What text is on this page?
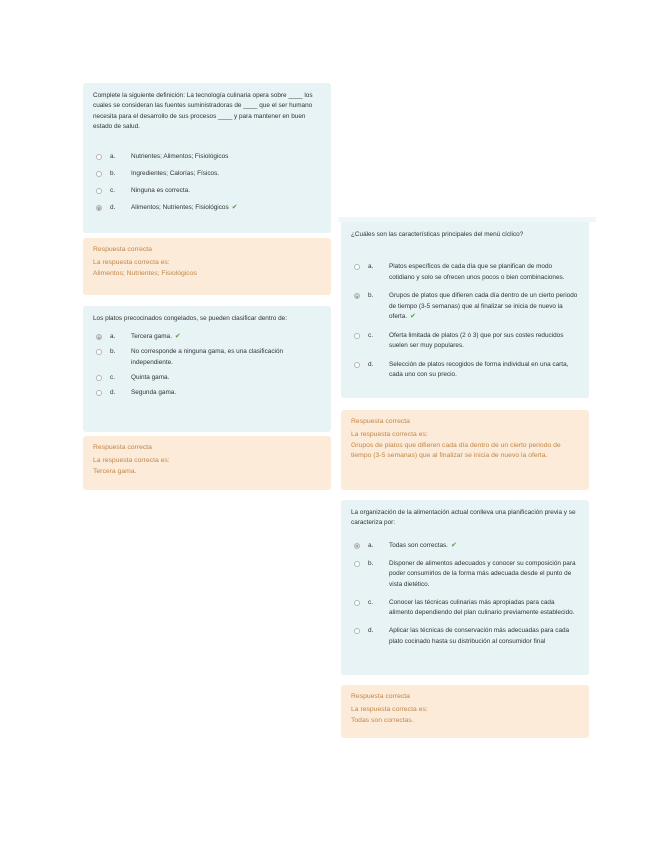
Complete la siguiente definición: La tecnología culinaria opera sobre ____ los cuales se consideran las fuentes suministradoras de ____ que el ser humano necesita para el desarrollo de sus procesos ____ y para mantener en buen estado de salud.

a. Nutrientes; Alimentos; Fisiológicos
b. Ingredientes; Calorías; Físicos.
c.	Ninguna es correcta.
d. Alimentos; Nutrientes; Fisiológicos ✔

Respuesta correcta

La respuesta correcta es:

Alimentos; Nutrientes; Fisiológicos

Los platos precocinados congelados, se pueden clasificar dentro de:

a. Tercera gama. ✔
b. No corresponde a ninguna gama, es una clasificación independiente.
c.	Quinta gama.
d. Segunda gama.

Respuesta correcta

La respuesta correcta es:

Tercera gama.

¿Cuáles son las características principales del menú cíclico?

a. Platos específicos de cada día que se planifican de modo cotidiano y solo se ofrecen unos pocos o bien combinaciones.
b. Grupos de platos que difieren cada día dentro de un cierto periodo de tiempo (3-5 semanas) que al finalizar se inicia de nuevo la oferta. ✔
c.	Oferta limitada de platos (2 ó 3) que por sus costes reducidos suelen ser muy populares.
d. Selección de platos recogidos de forma individual en una carta, cada uno con su precio.

Respuesta correcta

La respuesta correcta es:

Grupos de platos que difieren cada día dentro de un cierto periodo de tiempo (3-5 semanas) que al finalizar se inicia de nuevo la oferta.

La organización de la alimentación actual conlleva una planificación previa y se caracteriza por:

a. Todas son correctas. ✔
b. Disponer de alimentos adecuados y conocer su composición para poder consumirlos de la forma más adecuada desde el punto de vista dietético.
c.	Conocer las técnicas culinarias más apropiadas para cada alimento dependiendo del plan culinario previamente establecido.
d. Aplicar las técnicas de conservación más adecuadas para cada plato cocinado hasta su distribución al consumidor final

Respuesta correcta

La respuesta correcta es:

Todas son correctas.
